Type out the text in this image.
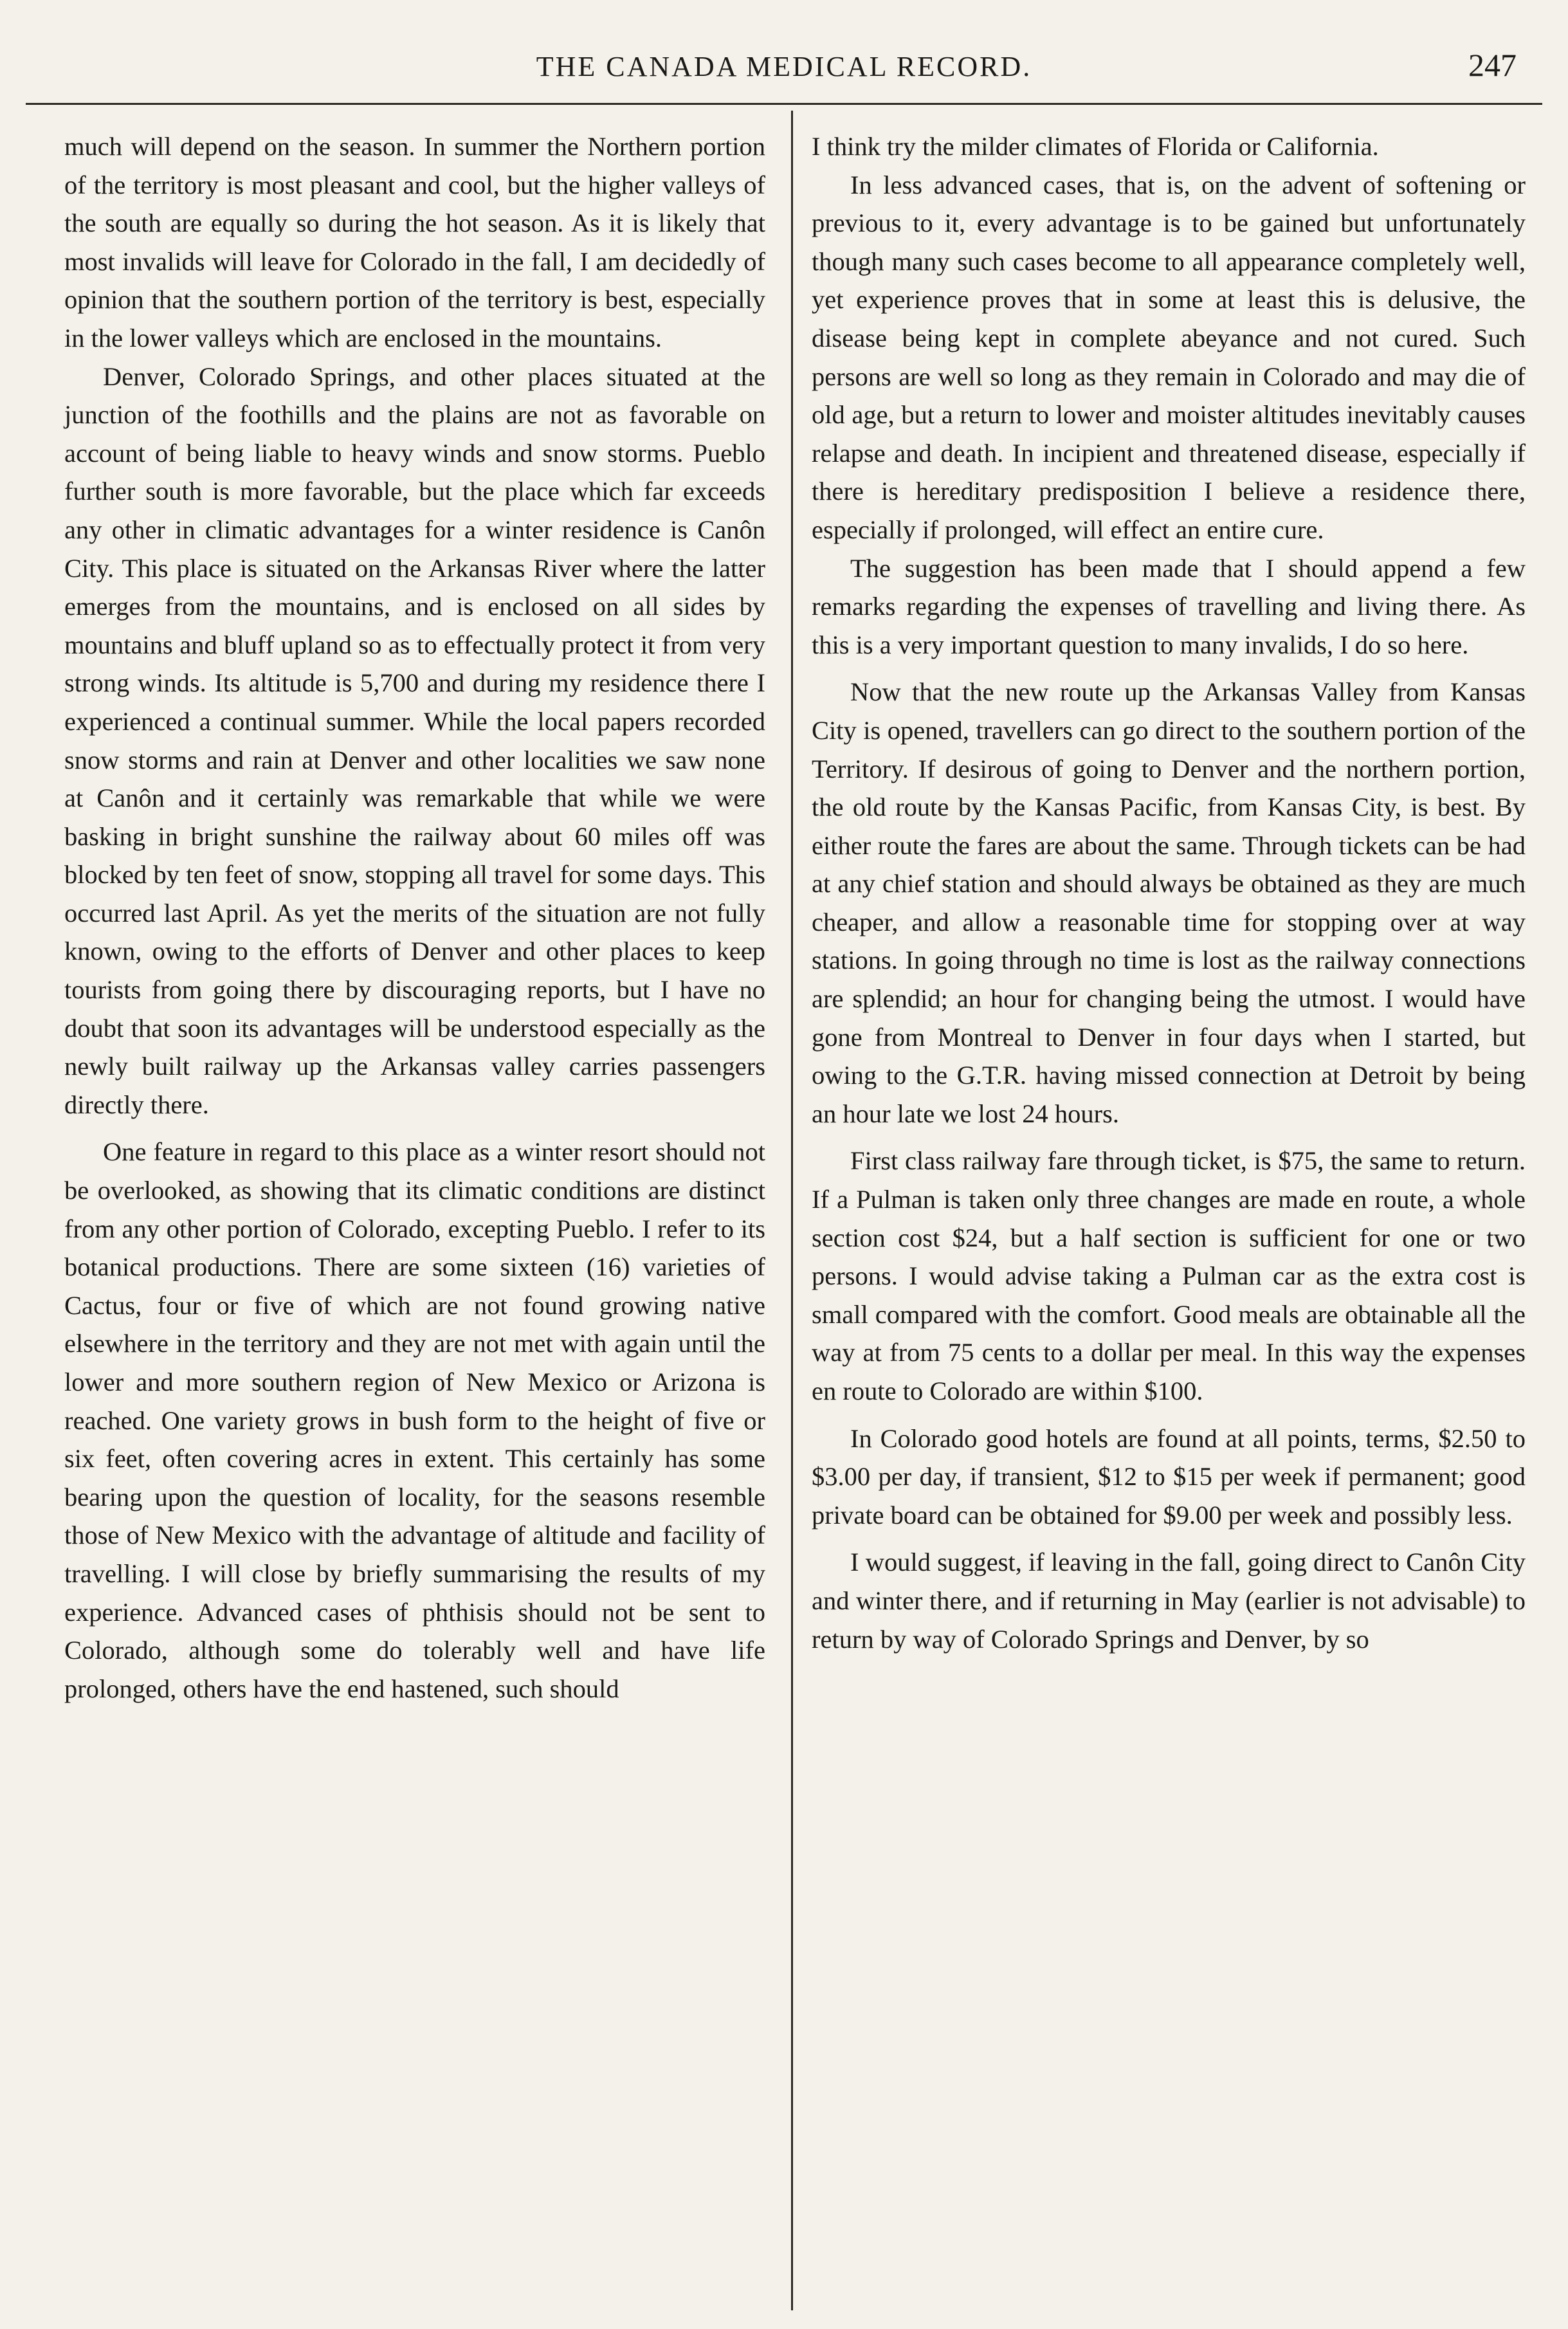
THE CANADA MEDICAL RECORD.	247

much will depend on the season. In summer the Northern portion of the territory is most pleasant and cool, but the higher valleys of the south are equally so during the hot season. As it is likely that most invalids will leave for Colorado in the fall, I am decidedly of opinion that the southern portion of the territory is best, especially in the lower valleys which are enclosed in the mountains.

Denver, Colorado Springs, and other places situated at the junction of the foothills and the plains are not as favorable on account of being liable to heavy winds and snow storms. Pueblo further south is more favorable, but the place which far exceeds any other in climatic advantages for a winter residence is Canôn City. This place is situated on the Arkansas River where the latter emerges from the mountains, and is enclosed on all sides by mountains and bluff upland so as to effectually protect it from very strong winds. Its altitude is 5,700 and during my residence there I experienced a continual summer. While the local papers recorded snow storms and rain at Denver and other localities we saw none at Canôn and it certainly was remarkable that while we were basking in bright sunshine the railway about 60 miles off was blocked by ten feet of snow, stopping all travel for some days. This occurred last April. As yet the merits of the situation are not fully known, owing to the efforts of Denver and other places to keep tourists from going there by discouraging reports, but I have no doubt that soon its advantages will be understood especially as the newly built railway up the Arkansas valley carries passengers directly there.

One feature in regard to this place as a winter resort should not be overlooked, as showing that its climatic conditions are distinct from any other portion of Colorado, excepting Pueblo. I refer to its botanical productions. There are some sixteen (16) varieties of Cactus, four or five of which are not found growing native elsewhere in the territory and they are not met with again until the lower and more southern region of New Mexico or Arizona is reached. One variety grows in bush form to the height of five or six feet, often covering acres in extent. This certainly has some bearing upon the question of locality, for the seasons resemble those of New Mexico with the advantage of altitude and facility of travelling. I will close by briefly summarising the results of my experience. Advanced cases of phthisis should not be sent to Colorado, although some do tolerably well and have life prolonged, others have the end hastened, such should

I think try the milder climates of Florida or California.

In less advanced cases, that is, on the advent of softening or previous to it, every advantage is to be gained but unfortunately though many such cases become to all appearance completely well, yet experience proves that in some at least this is delusive, the disease being kept in complete abeyance and not cured. Such persons are well so long as they remain in Colorado and may die of old age, but a return to lower and moister altitudes inevitably causes relapse and death. In incipient and threatened disease, especially if there is hereditary predisposition I believe a residence there, especially if prolonged, will effect an entire cure.

The suggestion has been made that I should append a few remarks regarding the expenses of travelling and living there. As this is a very important question to many invalids, I do so here.

Now that the new route up the Arkansas Valley from Kansas City is opened, travellers can go direct to the southern portion of the Territory. If desirous of going to Denver and the northern portion, the old route by the Kansas Pacific, from Kansas City, is best. By either route the fares are about the same. Through tickets can be had at any chief station and should always be obtained as they are much cheaper, and allow a reasonable time for stopping over at way stations. In going through no time is lost as the railway connections are splendid; an hour for changing being the utmost. I would have gone from Montreal to Denver in four days when I started, but owing to the G.T.R. having missed connection at Detroit by being an hour late we lost 24 hours.

First class railway fare through ticket, is $75, the same to return. If a Pulman is taken only three changes are made en route, a whole section cost $24, but a half section is sufficient for one or two persons. I would advise taking a Pulman car as the extra cost is small compared with the comfort. Good meals are obtainable all the way at from 75 cents to a dollar per meal. In this way the expenses en route to Colorado are within $100.

In Colorado good hotels are found at all points, terms, $2.50 to $3.00 per day, if transient, $12 to $15 per week if permanent; good private board can be obtained for $9.00 per week and possibly less.

I would suggest, if leaving in the fall, going direct to Canôn City and winter there, and if returning in May (earlier is not advisable) to return by way of Colorado Springs and Denver, by so
